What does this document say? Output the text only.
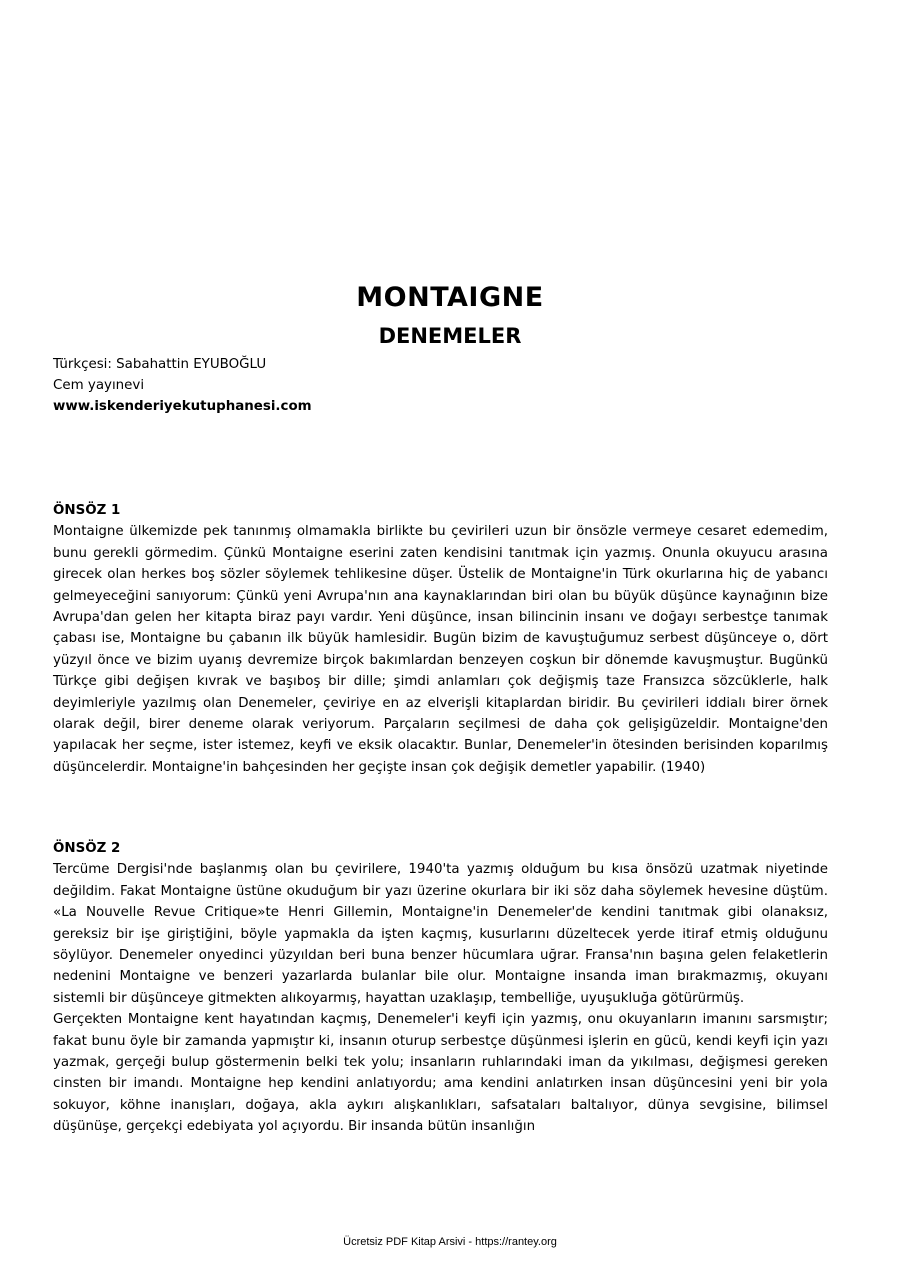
MONTAIGNE
DENEMELER
Türkçesi: Sabahattin EYUBOĞLU
Cem yayınevi
www.iskenderiyekutuphanesi.com
ÖNSÖZ 1

Montaigne ülkemizde pek tanınmış olmamakla birlikte bu çevirileri uzun bir önsözle vermeye cesaret edemedim, bunu gerekli görmedim. Çünkü Montaigne eserini zaten kendisini tanıtmak için yazmış. Onunla okuyucu arasına girecek olan herkes boş sözler söylemek tehlikesine düşer. Üstelik de Montaigne'in Türk okurlarına hiç de yabancı gelmeyeceğini sanıyorum: Çünkü yeni Avrupa'nın ana kaynaklarından biri olan bu büyük düşünce kaynağının bize Avrupa'dan gelen her kitapta biraz payı vardır. Yeni düşünce, insan bilincinin insanı ve doğayı serbestçe tanımak çabası ise, Montaigne bu çabanın ilk büyük hamlesidir. Bugün bizim de kavuştuğumuz serbest düşünceye o, dört yüzyıl önce ve bizim uyanış devremize birçok bakımlardan benzeyen coşkun bir dönemde kavuşmuştur. Bugünkü Türkçe gibi değişen kıvrak ve başıboş bir dille; şimdi anlamları çok değişmiş taze Fransızca sözcüklerle, halk deyimleriyle yazılmış olan Denemeler, çeviriye en az elverişli kitaplardan biridir. Bu çevirileri iddialı birer örnek olarak değil, birer deneme olarak veriyorum. Parçaların seçilmesi de daha çok gelişigüzeldir. Montaigne'den yapılacak her seçme, ister istemez, keyfi ve eksik olacaktır. Bunlar, Denemeler'in ötesinden berisinden koparılmış düşüncelerdir. Montaigne'in bahçesinden her geçişte insan çok değişik demetler yapabilir. (1940)

ÖNSÖZ 2

Tercüme Dergisi'nde başlanmış olan bu çevirilere, 1940'ta yazmış olduğum bu kısa önsözü uzatmak niyetinde değildim. Fakat Montaigne üstüne okuduğum bir yazı üzerine okurlara bir iki söz daha söylemek hevesine düştüm. «La Nouvelle Revue Critique»te Henri Gillemin, Montaigne'in Denemeler'de kendini tanıtmak gibi olanaksız, gereksiz bir işe giriştiğini, böyle yapmakla da işten kaçmış, kusurlarını düzeltecek yerde itiraf etmiş olduğunu söylüyor. Denemeler onyedinci yüzyıldan beri buna benzer hücumlara uğrar. Fransa'nın başına gelen felaketlerin nedenini Montaigne ve benzeri yazarlarda bulanlar bile olur. Montaigne insanda iman bırakmazmış, okuyanı sistemli bir düşünceye gitmekten alıkoyarmış, hayattan uzaklaşıp, tembelliğe, uyuşukluğa götürürmüş.

Gerçekten Montaigne kent hayatından kaçmış, Denemeler'i keyfi için yazmış, onu okuyanların imanını sarsmıştır; fakat bunu öyle bir zamanda yapmıştır ki, insanın oturup serbestçe düşünmesi işlerin en gücü, kendi keyfi için yazı yazmak, gerçeği bulup göstermenin belki tek yolu; insanların ruhlarındaki iman da yıkılması, değişmesi gereken cinsten bir imandı. Montaigne hep kendini anlatıyordu; ama kendini anlatırken insan düşüncesini yeni bir yola sokuyor, köhne inanışları, doğaya, akla aykırı alışkanlıkları, safsataları baltalıyor, dünya sevgisine, bilimsel düşünüşe, gerçekçi edebiyata yol açıyordu. Bir insanda bütün insanlığın

Ücretsiz PDF Kitap Arsivi - https://rantey.org
